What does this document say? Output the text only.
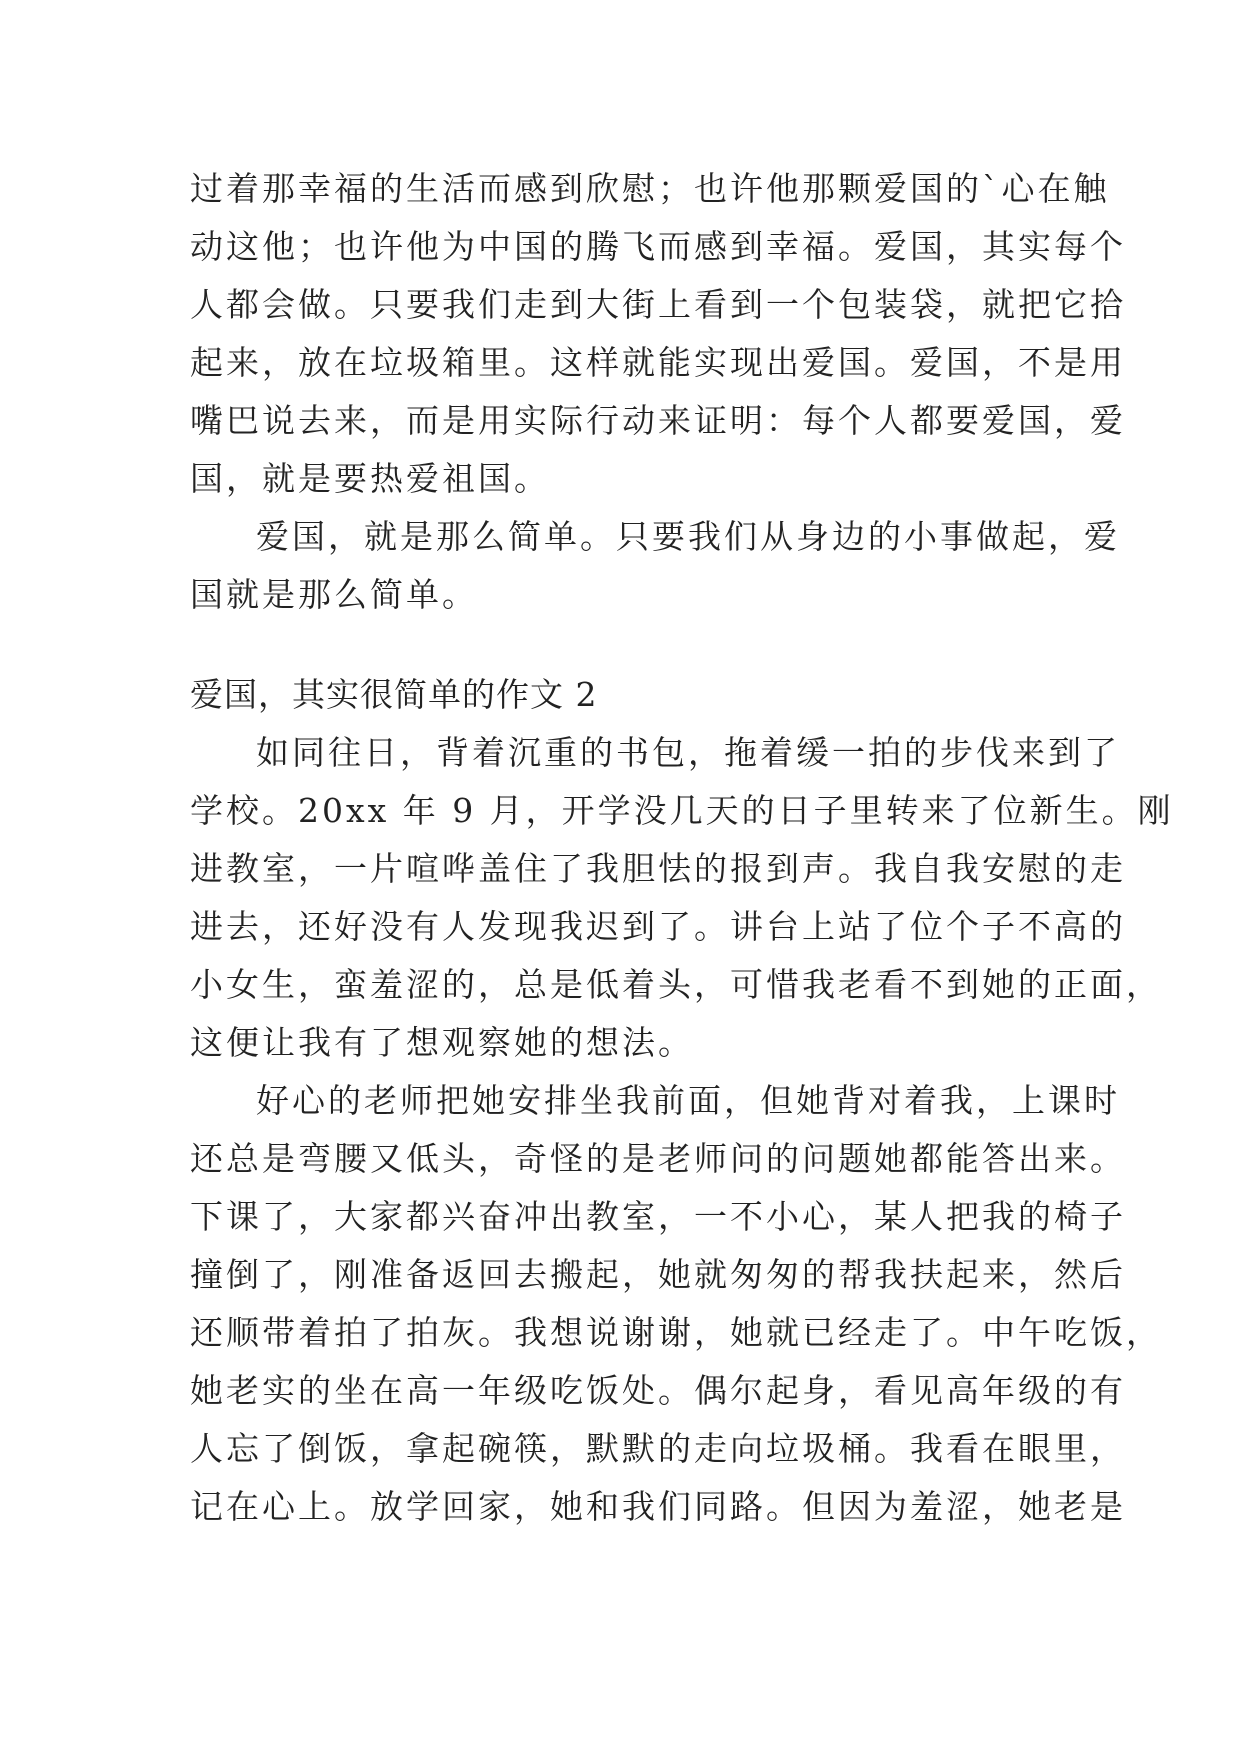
过着那幸福的生活而感到欣慰；也许他那颗爱国的`心在触
动这他；也许他为中国的腾飞而感到幸福。爱国，其实每个
人都会做。只要我们走到大街上看到一个包装袋，就把它拾
起来，放在垃圾箱里。这样就能实现出爱国。爱国，不是用
嘴巴说去来，而是用实际行动来证明：每个人都要爱国，爱
国，就是要热爱祖国。
爱国，就是那么简单。只要我们从身边的小事做起，爱
国就是那么简单。
爱国，其实很简单的作文 2
如同往日，背着沉重的书包，拖着缓一拍的步伐来到了
学校。20xx 年 9 月，开学没几天的日子里转来了位新生。刚
进教室，一片喧哗盖住了我胆怯的报到声。我自我安慰的走
进去，还好没有人发现我迟到了。讲台上站了位个子不高的
小女生，蛮羞涩的，总是低着头，可惜我老看不到她的正面，
这便让我有了想观察她的想法。
好心的老师把她安排坐我前面，但她背对着我，上课时
还总是弯腰又低头，奇怪的是老师问的问题她都能答出来。
下课了，大家都兴奋冲出教室，一不小心，某人把我的椅子
撞倒了，刚准备返回去搬起，她就匆匆的帮我扶起来，然后
还顺带着拍了拍灰。我想说谢谢，她就已经走了。中午吃饭，
她老实的坐在高一年级吃饭处。偶尔起身，看见高年级的有
人忘了倒饭，拿起碗筷，默默的走向垃圾桶。我看在眼里，
记在心上。放学回家，她和我们同路。但因为羞涩，她老是
